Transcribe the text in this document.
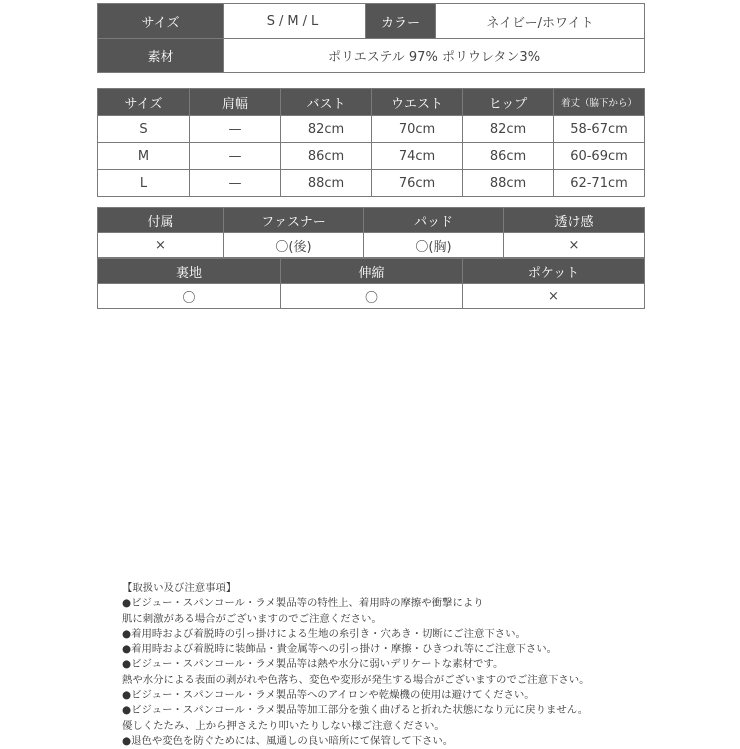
サイズ	S/M/L	カラー	ネイビー/ホワイト
素材	ポリエステル 97% ポリウレタン3%		
サイズ	肩幅	バスト	ウエスト	ヒップ	着丈（脇下から）
S	—	82cm	70cm	82cm	58-67cm
M	—	86cm	74cm	86cm	60-69cm
L	—	88cm	76cm	88cm	62-71cm
付属	ファスナー	パッド	透け感
×	〇(後)	〇(胸)	×
裏地	伸縮	ポケット
〇	〇	×
【取扱い及び注意事項】
●ビジュー・スパンコール・ラメ製品等の特性上、着用時の摩擦や衝撃により
肌に刺激がある場合がございますのでご注意ください。
●着用時および着脱時の引っ掛けによる生地の糸引き・穴あき・切断にご注意下さい。
●着用時および着脱時に装飾品・貴金属等への引っ掛け・摩擦・ひきつれ等にご注意下さい。
●ビジュー・スパンコール・ラメ製品等は熱や水分に弱いデリケートな素材です。
熱や水分による表面の剥がれや色落ち、変色や変形が発生する場合がございますのでご注意下さい。
●ビジュー・スパンコール・ラメ製品等へのアイロンや乾燥機の使用は避けてください。
●ビジュー・スパンコール・ラメ製品等加工部分を強く曲げると折れた状態になり元に戻りません。
優しくたたみ、上から押さえたり叩いたりしない様ご注意ください。
●退色や変色を防ぐためには、風通しの良い暗所にて保管して下さい。
